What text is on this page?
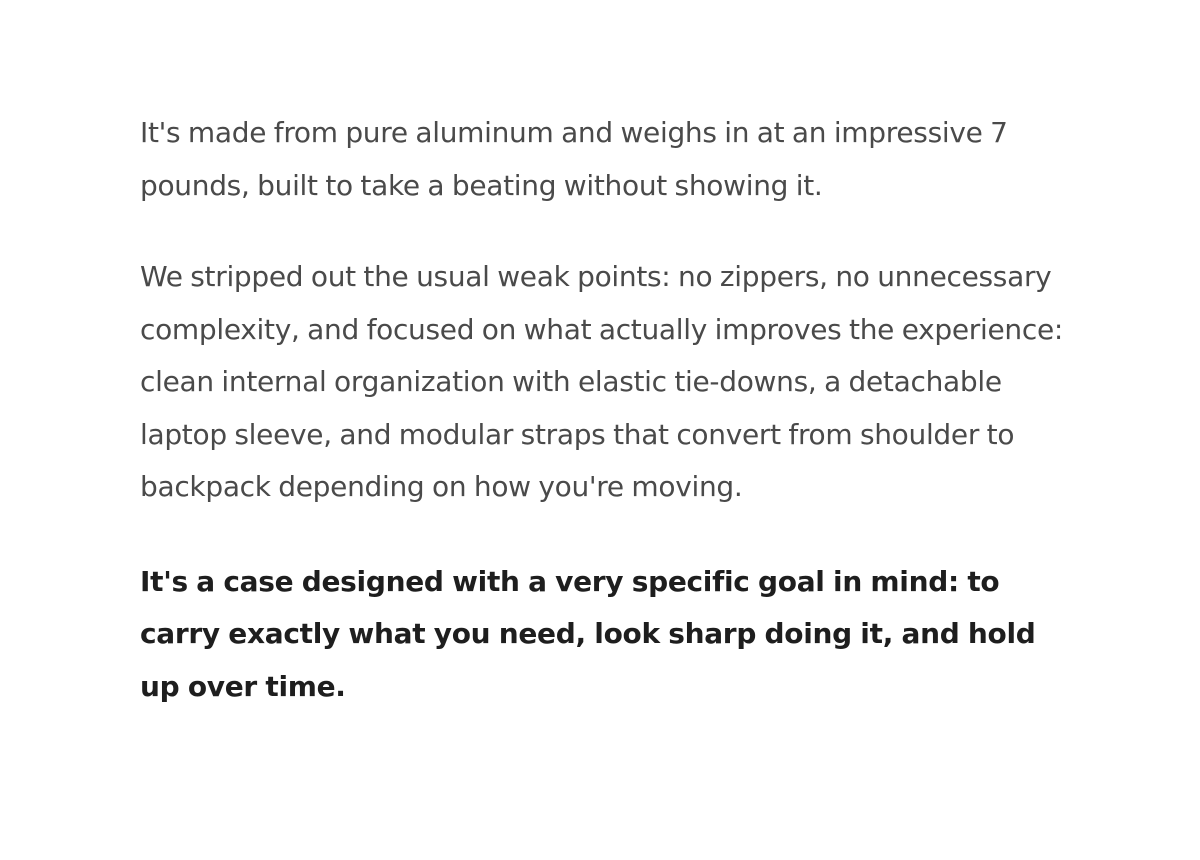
It's made from pure aluminum and weighs in at an impressive 7 pounds, built to take a beating without showing it.

We stripped out the usual weak points: no zippers, no unnecessary complexity, and focused on what actually improves the experience: clean internal organization with elastic tie-downs, a detachable laptop sleeve, and modular straps that convert from shoulder to backpack depending on how you're moving.

It's a case designed with a very specific goal in mind: to carry exactly what you need, look sharp doing it, and hold up over time.
